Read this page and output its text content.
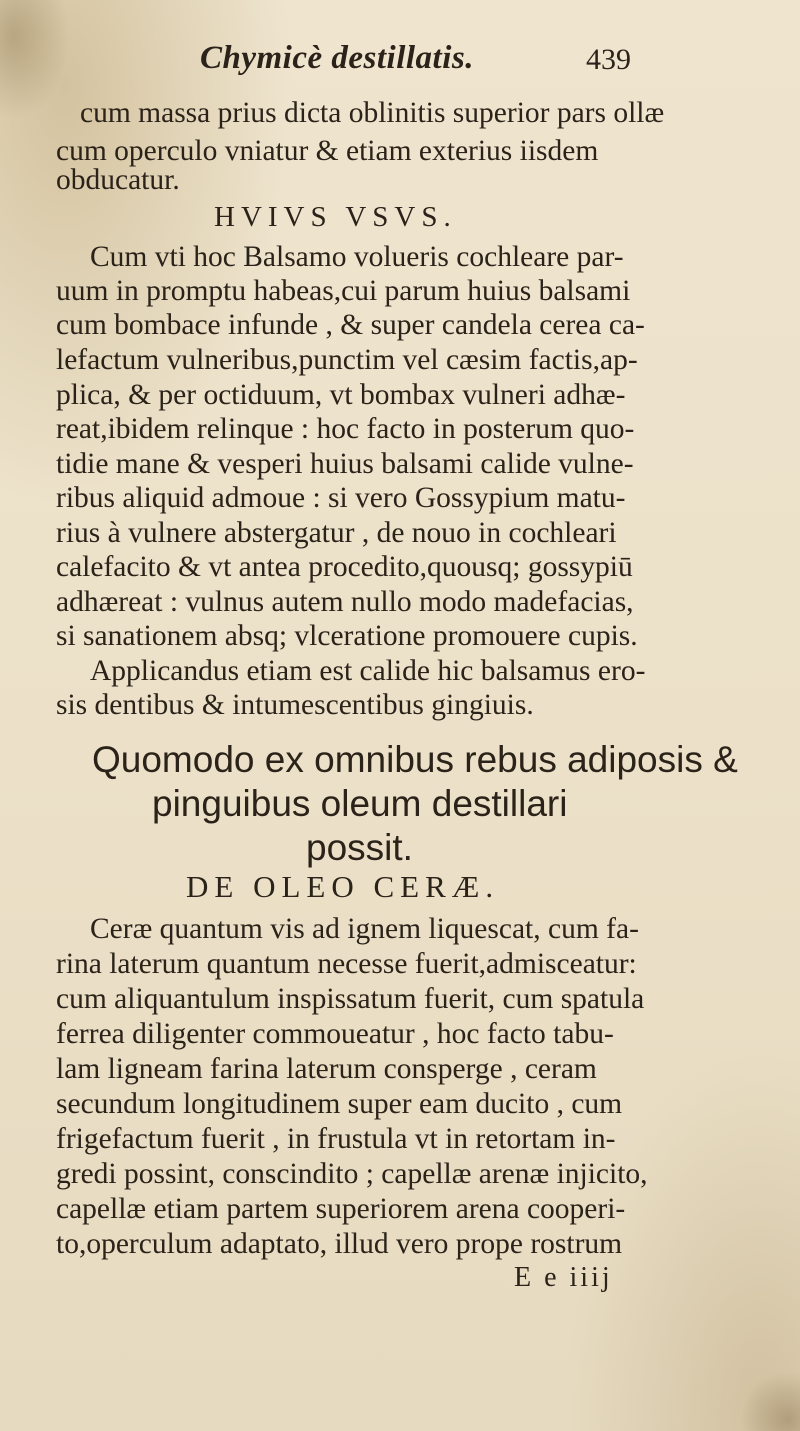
Chymicè destillatis.	439
cum massa prius dicta oblinitis superior pars ollæ
cum operculo vniatur & etiam exterius iisdem
obducatur.
HVIVS VSVS.
Cum vti hoc Balsamo volueris cochleare par-
uum in promptu habeas,cui parum huius balsami
cum bombace infunde , & super candela cerea ca-
lefactum vulneribus,punctim vel cæsim factis,ap-
plica, & per octiduum, vt bombax vulneri adhæ-
reat,ibidem relinque : hoc facto in posterum quo-
tidie mane & vesperi huius balsami calide vulne-
ribus aliquid admoue : si vero Gossypium matu-
rius à vulnere abstergatur , de nouo in cochleari
calefacito & vt antea procedito,quousq; gossypiū
adhæreat : vulnus autem nullo modo madefacias,
si sanationem absq; vlceratione promouere cupis.
Applicandus etiam est calide hic balsamus ero-
sis dentibus & intumescentibus gingiuis.
Quomodo ex omnibus rebus adiposis &
pinguibus oleum destillari
possit.
DE OLEO CERÆ.
Ceræ quantum vis ad ignem liquescat, cum fa-
rina laterum quantum necesse fuerit,admisceatur:
cum aliquantulum inspissatum fuerit, cum spatula
ferrea diligenter commoueatur , hoc facto tabu-
lam ligneam farina laterum consperge , ceram
secundum longitudinem super eam ducito , cum
frigefactum fuerit , in frustula vt in retortam in-
gredi possint, conscindito ; capellæ arenæ injicito,
capellæ etiam partem superiorem arena cooperi-
to,operculum adaptato, illud vero prope rostrum
E e iiij
